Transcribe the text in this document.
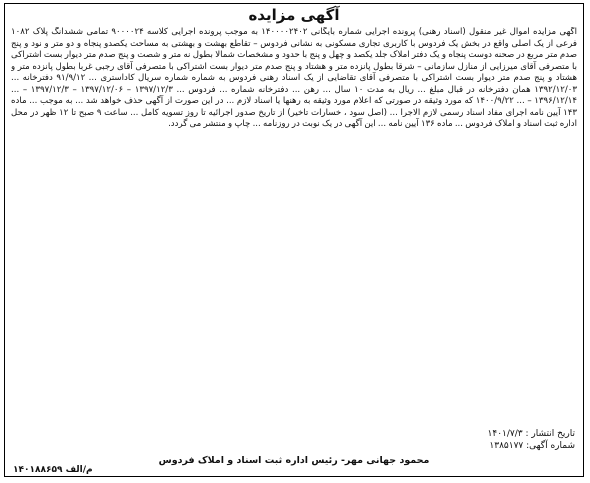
آگهی مزایده
آگهی مزایده اموال غیر منقول (اسناد رهنی) پرونده اجرایی شماره بایگانی ۱۴۰۰۰۰۲۴۰۲ به موجب پرونده اجرایی کلاسه ۹۰۰۰۰۲۴ تمامی ششدانگ پلاک ۱۰۸۲ فرعی از یک اصلی واقع در بخش یک فردوس با کاربری تجاری مسکونی به نشانی فردوس – تقاطع بهشت و بهشتی به مساحت یکصدو پنجاه و دو متر و نود و پنج صدم متر مربع در صحنه دوست پنجاه و یک دفتر املاک جلد یکصد و چهل و پنج با حدود و مشخصات شمالا بطول نه متر و شصت و پنج صدم متر دیوار بست اشتراکی با متصرفی آقای میرزایی از منازل سازمانی – شرقا بطول پانزده متر و هشتاد و پنج صدم متر دیوار بست اشتراکی با متصرفی آقای رجبی غربا بطول پانزده متر و هشتاد و پنج صدم متر دیوار بست اشتراکی با متصرفی آقای تقاضایی از یک اسناد رهنی فردوس به شماره شماره سریال کاداستری ... ۹۱/۹/۱۲ دفترخانه ... ۱۳۹۲/۱۲/۰۳ همان دفترخانه در قبال مبلغ ... ریال به مدت ۱۰ سال ... رهن ... دفترخانه شماره ... فردوس ... ۱۳۹۷/۱۲/۳ – ۱۳۹۷/۱۲/۰۶ – ۱۳۹۷/۱۲/۳ – ... ۱۳۹۶/۱۲/۱۴ – ... ۱۴۰۰/۹/۲۲ که مورد وثیقه در صورتی که اعلام مورد وثیقه به رهنها یا اسناد لازم ... در این صورت از آگهی حذف خواهد شد ... به موجب ... ماده ۱۴۳ آیین نامه اجرای مفاد اسناد رسمی لازم الاجرا ... (اصل سود ، خسارات تاخیر) از تاریخ صدور اجرائیه تا روز تسویه کامل ... ساعت ۹ صبح تا ۱۲ ظهر در محل اداره ثبت اسناد و املاک فردوس ... ماده ۱۳۶ آیین نامه ... این آگهی در یک نوبت در روزنامه ... چاپ و منتشر می گردد.
تاریخ انتشار : ۱۴۰۱/۷/۳
شماره آگهی: ۱۳۸۵۱۷۷
محمود جهانی مهر- رئیس اداره ثبت اسناد و املاک فردوس
م/الف ۱۴۰۱۸۸۶۵۹
